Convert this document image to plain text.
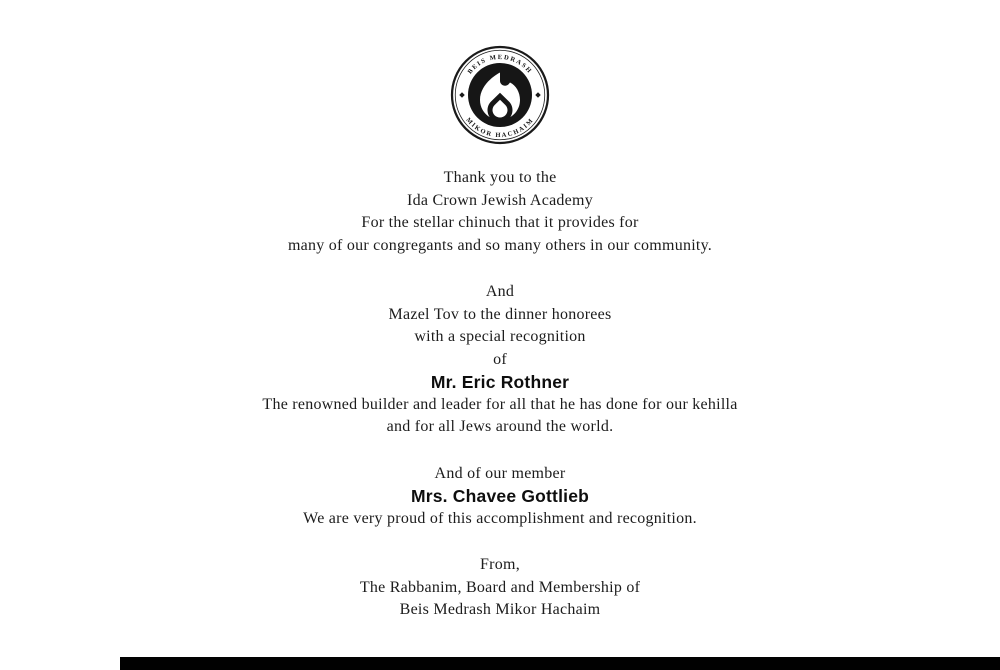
BEIS MEDRASH
MIKOR HACHAIM

Thank you to the
Ida Crown Jewish Academy
For the stellar chinuch that it provides for
many of our congregants and so many others in our community.

And
Mazel Tov to the dinner honorees
with a special recognition
of
Mr. Eric Rothner
The renowned builder and leader for all that he has done for our kehilla
and for all Jews around the world.

And of our member
Mrs. Chavee Gottlieb
We are very proud of this accomplishment and recognition.

From,
The Rabbanim, Board and Membership of
Beis Medrash Mikor Hachaim
